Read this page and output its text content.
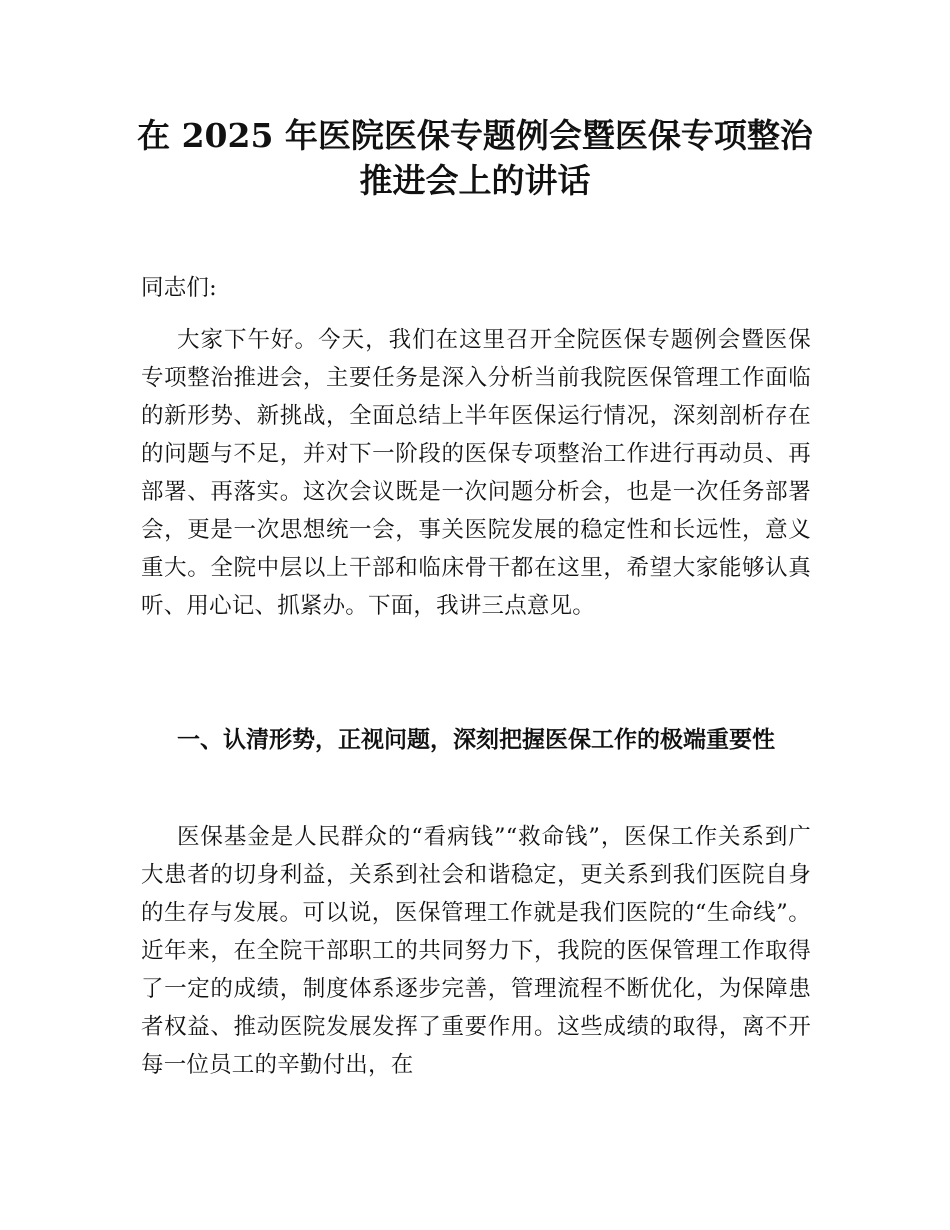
在 2025 年医院医保专题例会暨医保专项整治
推进会上的讲话

同志们:

大家下午好。今天，我们在这里召开全院医保专题例会暨医保专项整治推进会，主要任务是深入分析当前我院医保管理工作面临的新形势、新挑战，全面总结上半年医保运行情况，深刻剖析存在的问题与不足，并对下一阶段的医保专项整治工作进行再动员、再部署、再落实。这次会议既是一次问题分析会，也是一次任务部署会，更是一次思想统一会，事关医院发展的稳定性和长远性，意义重大。全院中层以上干部和临床骨干都在这里，希望大家能够认真听、用心记、抓紧办。下面，我讲三点意见。

一、认清形势，正视问题，深刻把握医保工作的极端重要性

医保基金是人民群众的“看病钱”“救命钱”，医保工作关系到广大患者的切身利益，关系到社会和谐稳定，更关系到我们医院自身的生存与发展。可以说，医保管理工作就是我们医院的“生命线”。近年来，在全院干部职工的共同努力下，我院的医保管理工作取得了一定的成绩，制度体系逐步完善，管理流程不断优化，为保障患者权益、推动医院发展发挥了重要作用。这些成绩的取得，离不开每一位员工的辛勤付出，在
